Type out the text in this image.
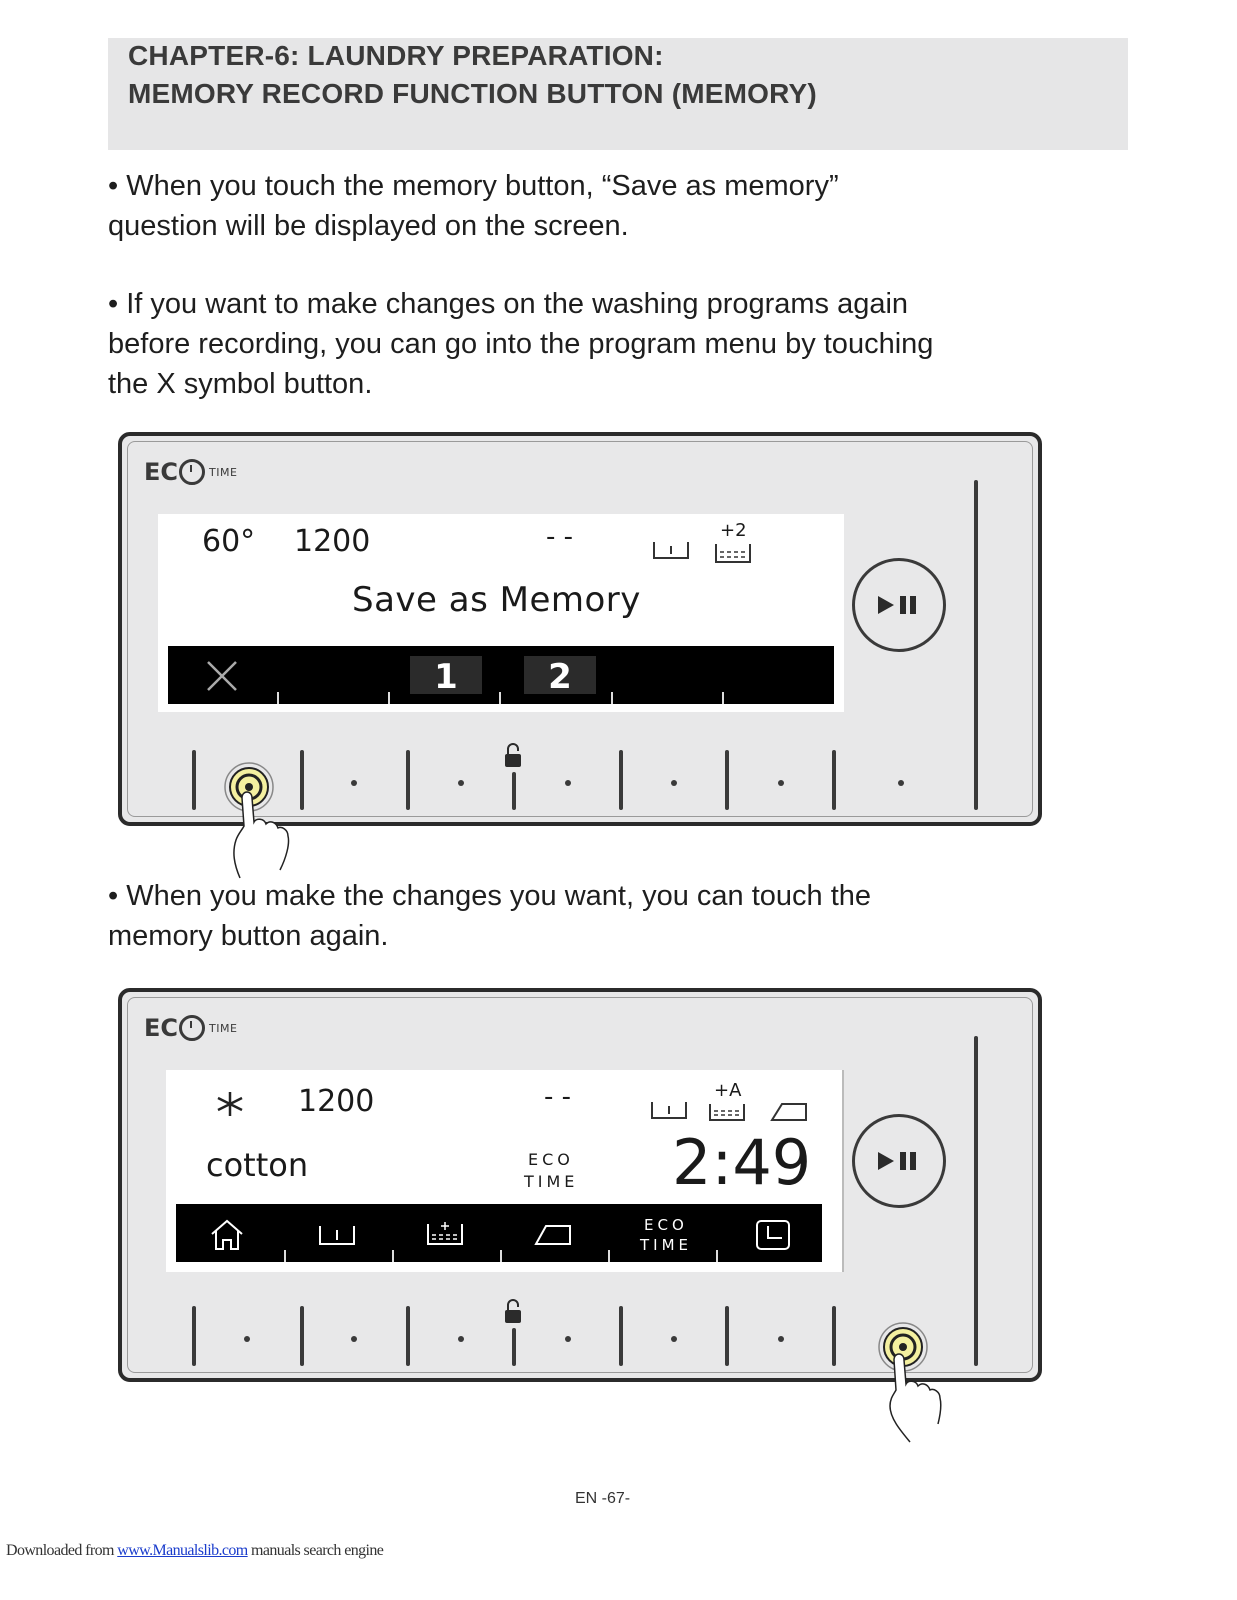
CHAPTER-6: LAUNDRY PREPARATION:
MEMORY RECORD FUNCTION BUTTON (MEMORY)
• When you touch the memory button, “Save as memory”
question will be displayed on the screen.
• If you want to make changes on the washing programs again
before recording, you can go into the program menu by touching
the X symbol button.
EC	TIME
60° 1200	- -	+2
Save as Memory
1	2
• When you make the changes you want, you can touch the
memory button again.
EC	TIME
1200	- -	+A
cotton	ECO
TIME 2:49
ECO
TIME
EN -67-
Downloaded from www.Manualslib.com manuals search engine
